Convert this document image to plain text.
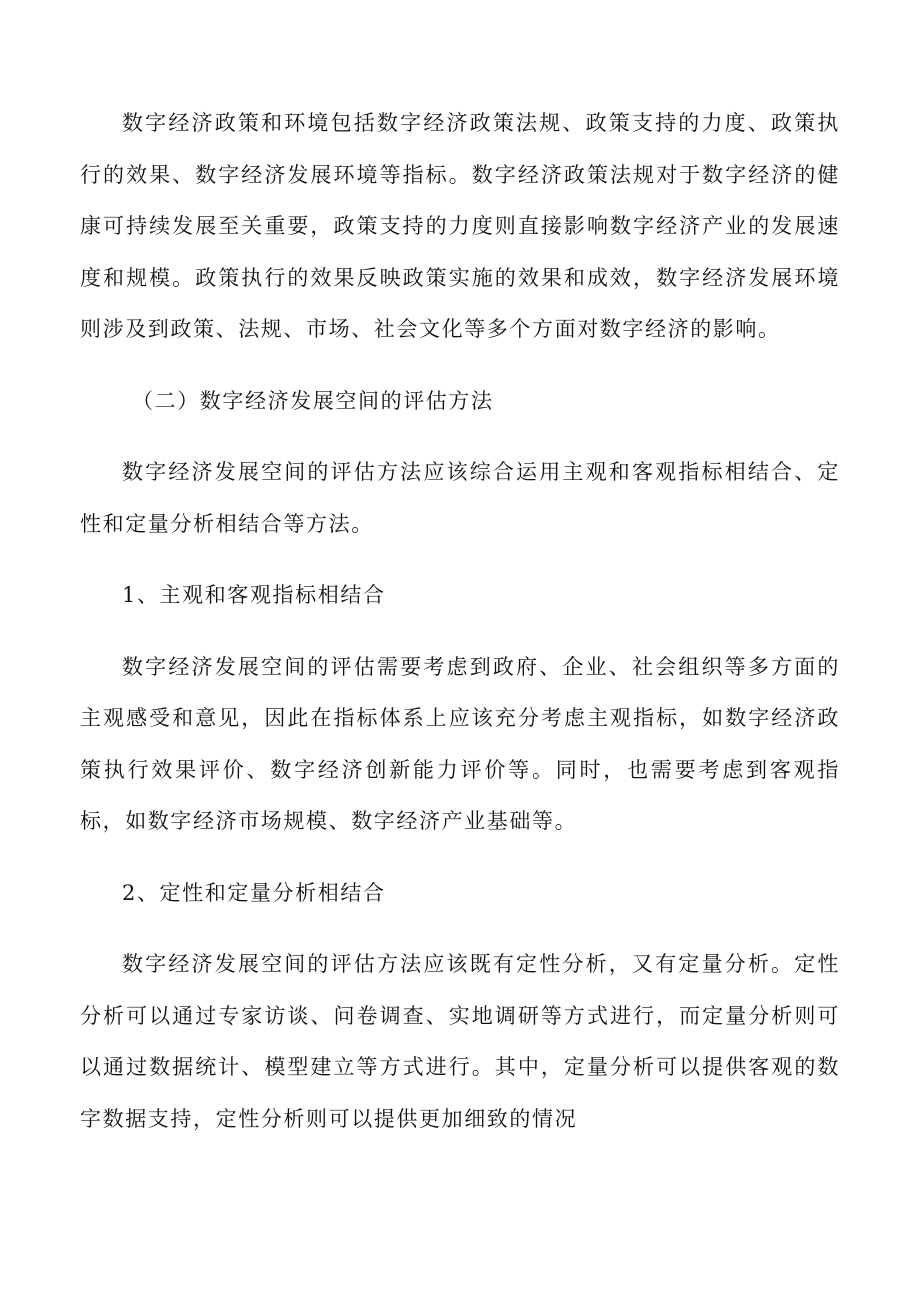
数字经济政策和环境包括数字经济政策法规、政策支持的力度、政策执行的效果、数字经济发展环境等指标。数字经济政策法规对于数字经济的健康可持续发展至关重要，政策支持的力度则直接影响数字经济产业的发展速度和规模。政策执行的效果反映政策实施的效果和成效，数字经济发展环境则涉及到政策、法规、市场、社会文化等多个方面对数字经济的影响。

（二）数字经济发展空间的评估方法

数字经济发展空间的评估方法应该综合运用主观和客观指标相结合、定性和定量分析相结合等方法。

1、主观和客观指标相结合

数字经济发展空间的评估需要考虑到政府、企业、社会组织等多方面的主观感受和意见，因此在指标体系上应该充分考虑主观指标，如数字经济政策执行效果评价、数字经济创新能力评价等。同时，也需要考虑到客观指标，如数字经济市场规模、数字经济产业基础等。

2、定性和定量分析相结合

数字经济发展空间的评估方法应该既有定性分析，又有定量分析。定性分析可以通过专家访谈、问卷调查、实地调研等方式进行，而定量分析则可以通过数据统计、模型建立等方式进行。其中，定量分析可以提供客观的数字数据支持，定性分析则可以提供更加细致的情况
